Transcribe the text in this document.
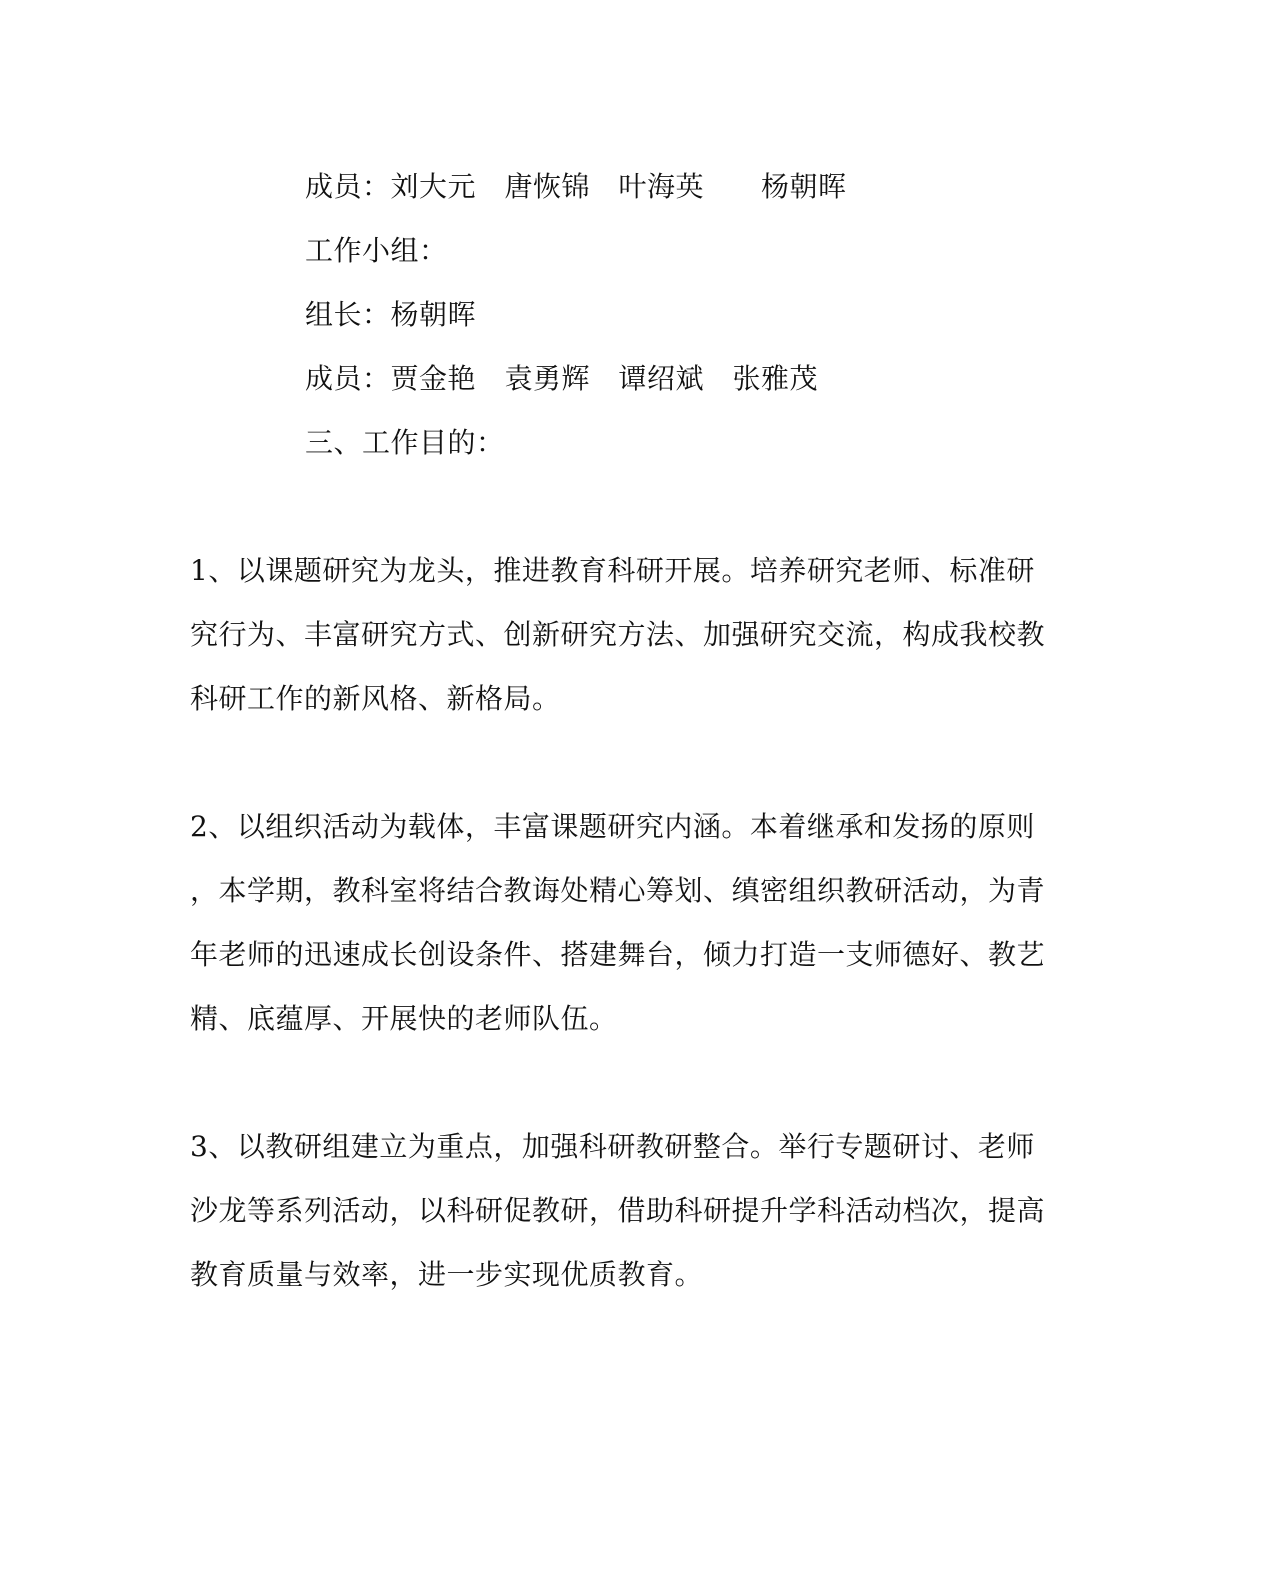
成员：刘大元　唐恢锦　叶海英　　杨朝晖
工作小组：
组长：杨朝晖
成员：贾金艳　袁勇辉　谭绍斌　张雅茂
三、工作目的：
1、以课题研究为龙头，推进教育科研开展。培养研究老师、标准研
究行为、丰富研究方式、创新研究方法、加强研究交流，构成我校教
科研工作的新风格、新格局。
2、以组织活动为载体，丰富课题研究内涵。本着继承和发扬的原则
，本学期，教科室将结合教诲处精心筹划、缜密组织教研活动，为青
年老师的迅速成长创设条件、搭建舞台，倾力打造一支师德好、教艺
精、底蕴厚、开展快的老师队伍。
3、以教研组建立为重点，加强科研教研整合。举行专题研讨、老师
沙龙等系列活动，以科研促教研，借助科研提升学科活动档次，提高
教育质量与效率，进一步实现优质教育。
